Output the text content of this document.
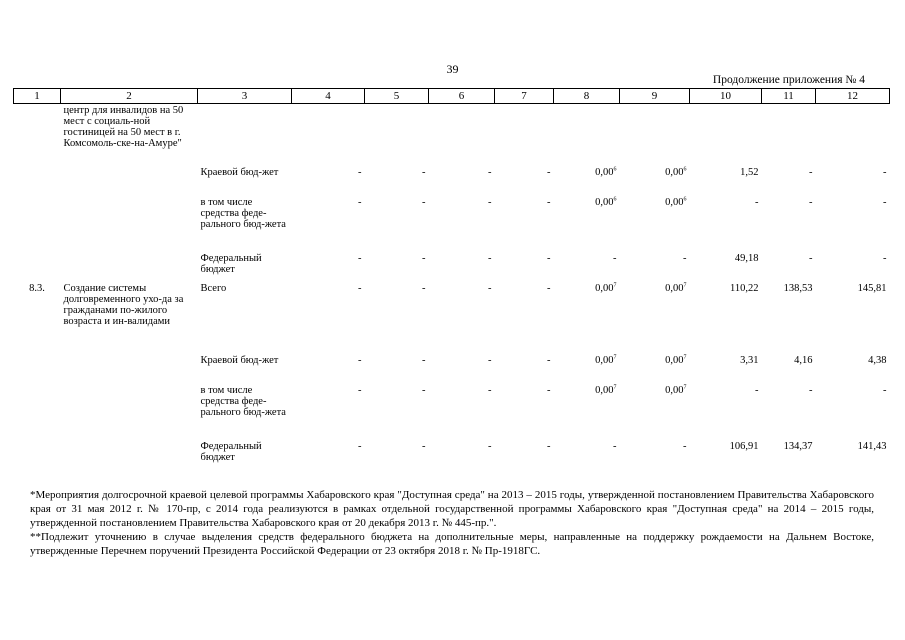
39
Продолжение приложения № 4
1	2	3	4	5	6	7	8	9	10	11	12
	центр для инвалидов на 50 мест с социаль-ной гостиницей на 50 мест в г. Комсомоль-ске-на-Амуре"										
		Краевой бюд-жет	-	-	-	-	0,00$^6$	0,00$^6$	1,52	-	-
		в том числе средства феде-рального бюд-жета	-	-	-	-	0,00$^6$	0,00$^6$	-	-	-
		Федеральный бюджет	-	-	-	-	-	-	49,18	-	-
8.3.	Создание системы долговременного ухо-да за гражданами по-жилого возраста и ин-валидами	Всего	-	-	-	-	0,00$^7$	0,00$^7$	110,22	138,53	145,81
		Краевой бюд-жет	-	-	-	-	0,00$^7$	0,00$^7$	3,31	4,16	4,38
		в том числе средства феде-рального бюд-жета	-	-	-	-	0,00$^7$	0,00$^7$	-	-	-
		Федеральный бюджет	-	-	-	-	-	-	106,91	134,37	141,43

*Мероприятия долгосрочной краевой целевой программы Хабаровского края "Доступная среда" на 2013 – 2015 годы, утвержденной постановлением Правительства Хабаровского края от 31 мая 2012 г. № 170-пр, с 2014 года реализуются в рамках отдельной государственной программы Хабаровского края "Доступная среда" на 2014 – 2015 годы, утвержденной постановлением Правительства Хабаровского края от 20 декабря 2013 г. № 445-пр.".

**Подлежит уточнению в случае выделения средств федерального бюджета на дополнительные меры, направленные на поддержку рождаемости на Дальнем Востоке, утвержденные Перечнем поручений Президента Российской Федерации от 23 октября 2018 г. № Пр-1918ГС.
